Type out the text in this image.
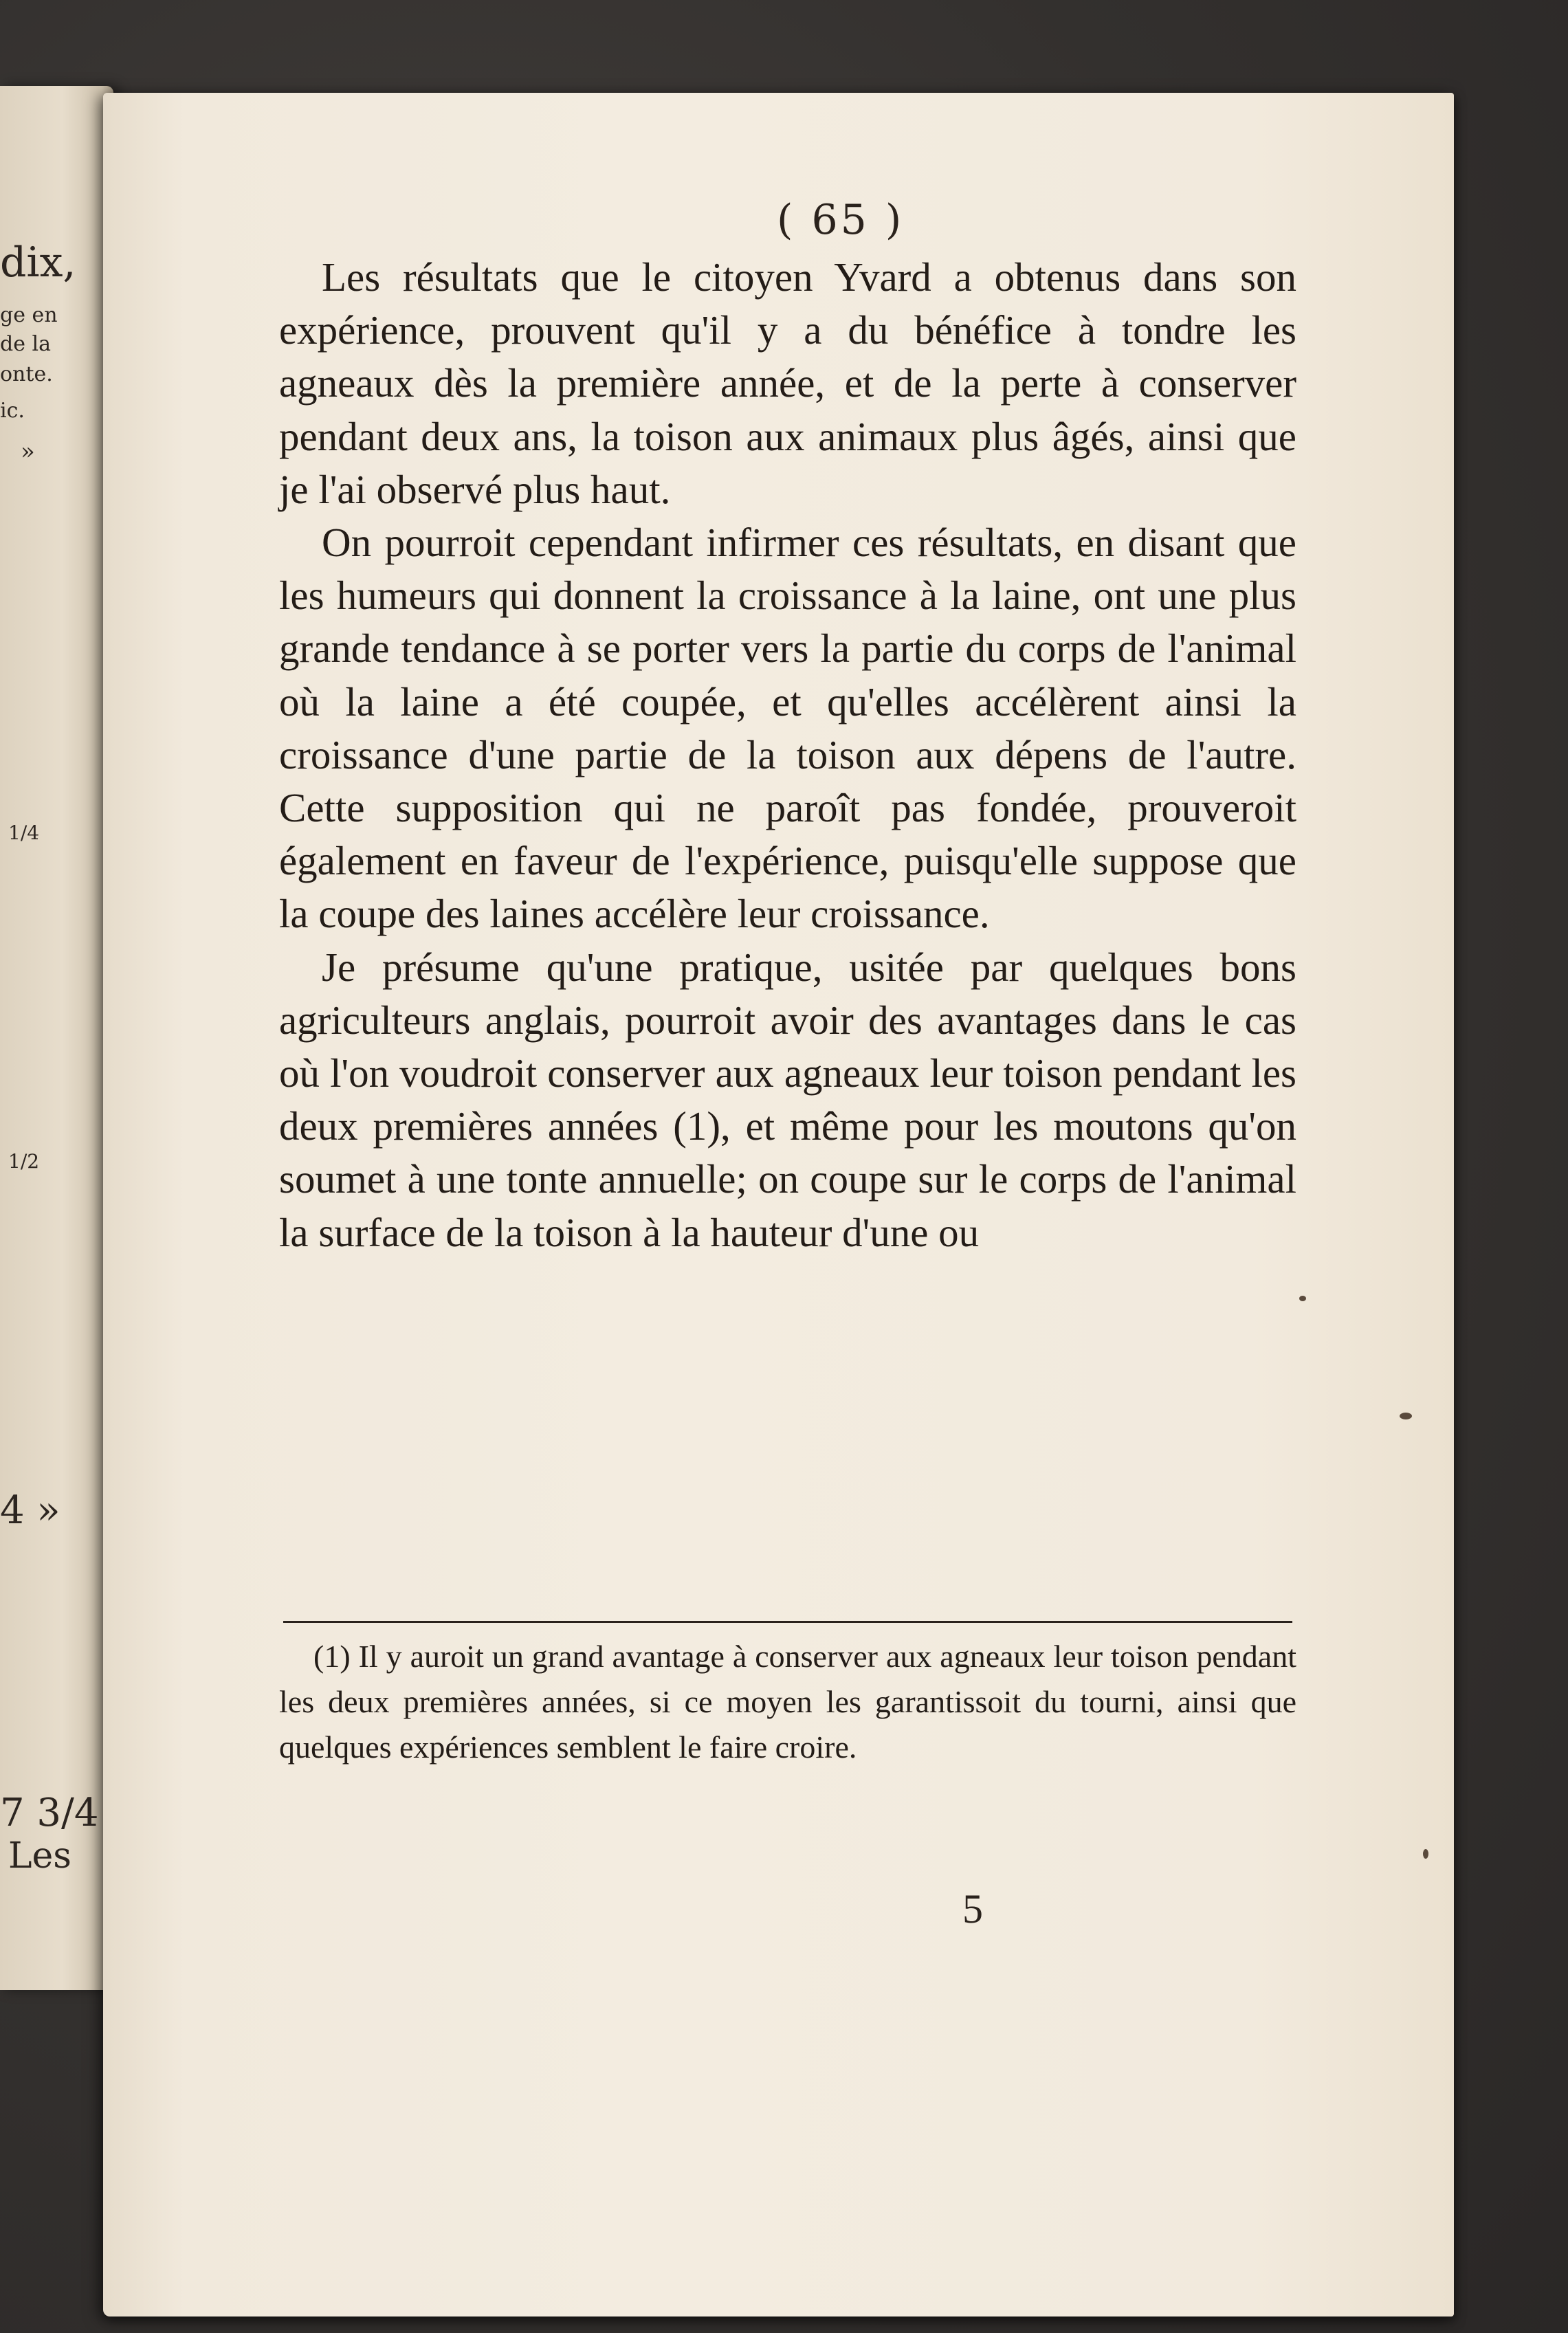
dix,
ge en
de la
onte.
ic.
»
1/4
1/2
4 »
7 3/4
Les
( 65 )

Les résultats que le citoyen Yvard a obtenus dans son expérience, prouvent qu'il y a du bénéfice à tondre les agneaux dès la première année, et de la perte à conserver pendant deux ans, la toison aux animaux plus âgés, ainsi que je l'ai observé plus haut.

On pourroit cependant infirmer ces résultats, en disant que les humeurs qui donnent la croissance à la laine, ont une plus grande tendance à se porter vers la partie du corps de l'animal où la laine a été coupée, et qu'elles accélèrent ainsi la croissance d'une partie de la toison aux dépens de l'autre. Cette supposition qui ne paroît pas fondée, prouveroit également en faveur de l'expérience, puisqu'elle suppose que la coupe des laines accélère leur croissance.

Je présume qu'une pratique, usitée par quelques bons agriculteurs anglais, pourroit avoir des avantages dans le cas où l'on voudroit conserver aux agneaux leur toison pendant les deux premières années (1), et même pour les moutons qu'on soumet à une tonte annuelle; on coupe sur le corps de l'animal la surface de la toison à la hauteur d'une ou

(1) Il y auroit un grand avantage à conserver aux agneaux leur toison pendant les deux premières années, si ce moyen les garantissoit du tourni, ainsi que quelques expériences semblent le faire croire.

5
